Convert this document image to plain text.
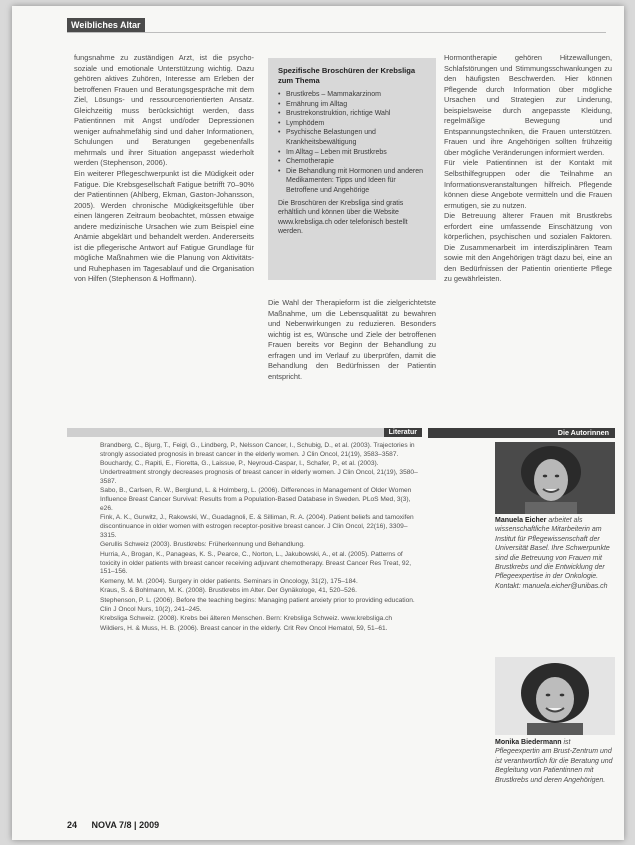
Weibliches Altar

fungsnahme zu zuständigen Arzt, ist die psycho-soziale und emotionale Unterstützung wichtig. Dazu gehören aktives Zuhören, Interesse am Erleben der betroffenen Frauen und Beratungsgespräche mit dem Ziel, Lösungs- und ressourcenorientierten Ansatz. Gleichzeitig muss berücksichtigt werden, dass Patientinnen mit Angst und/oder Depressionen weniger aufnahmefähig sind und daher Informationen, Schulungen und Beratungen gegebenenfalls mehrmals und ihrer Situation angepasst wiederholt werden (Stephenson, 2006).

Ein weiterer Pflegeschwerpunkt ist die Müdigkeit oder Fatigue. Die Krebsgesellschaft Fatigue betrifft 70–90% der Patientinnen (Ahlberg, Ekman, Gaston-Johansson, 2005). Werden chronische Müdigkeitsgefühle über einen längeren Zeitraum beobachtet, müssen etwaige andere medizinische Ursachen wie zum Beispiel eine Anämie abgeklärt und behandelt werden. Andererseits ist die pflegerische Antwort auf Fatigue Grundlage für mögliche Maßnahmen wie die Planung von Aktivitäts- und Ruhephasen im Tagesablauf und die Organisation von Hilfen (Stephenson & Hoffmann).

Spezifische Broschüren der Krebsliga zum Thema
• Brustkrebs – Mammakarzinom
• Ernährung im Alltag
• Brustrekonstruktion, richtige Wahl
• Lymphödem
• Psychische Belastungen und Krankheitsbewältigung
• Im Alltag – Leben mit Brustkrebs
• Chemotherapie
• Die Behandlung mit Hormonen und anderen Medikamenten: Tipps und Ideen für Betroffene und Angehörige
Die Broschüren der Krebsliga sind gratis erhältlich und können über die Website www.krebsliga.ch oder telefonisch bestellt werden.

Die Wahl der Therapieform ist die zielgerichtetste Maßnahme, um die Lebensqualität zu bewahren und Nebenwirkungen zu reduzieren. Besonders wichtig ist es, Wünsche und Ziele der betroffenen Frauen bereits vor Beginn der Behandlung zu erfragen und im Verlauf zu überprüfen, damit die Behandlung den Bedürfnissen der Patientin entspricht.

Hormontherapie gehören Hitzewallungen, Schlafstörungen und Stimmungsschwankungen zu den häufigsten Beschwerden. Hier können Pflegende durch Information über mögliche Ursachen und Strategien zur Linderung, beispielsweise durch angepasste Kleidung, regelmäßige Bewegung und Entspannungstechniken, die Frauen unterstützen. Frauen und ihre Angehörigen sollten frühzeitig über mögliche Veränderungen informiert werden.

Für viele Patientinnen ist der Kontakt mit Selbsthilfegruppen oder die Teilnahme an Informationsveranstaltungen hilfreich. Pflegende können diese Angebote vermitteln und die Frauen ermutigen, sie zu nutzen.

Die Betreuung älterer Frauen mit Brustkrebs erfordert eine umfassende Einschätzung von körperlichen, psychischen und sozialen Faktoren. Die Zusammenarbeit im interdisziplinären Team sowie mit den Angehörigen trägt dazu bei, eine an den Bedürfnissen der Patientin orientierte Pflege zu gewährleisten.

Literatur

Brandberg, C., Bjurg, T., Feigl, G., Lindberg, P., Nelsson Cancer, I., Schubig, D., et al. (2003). Trajectories in strongly associated prognosis in breast cancer in the elderly women. J Clin Oncol, 21(19), 3583–3587.

Bouchardy, C., Rapiti, E., Fioretta, G., Laissue, P., Neyroud-Caspar, I., Schafer, P., et al. (2003). Undertreatment strongly decreases prognosis of breast cancer in elderly women. J Clin Oncol, 21(19), 3580–3587.

Sabo, B., Carlsen, R. W., Berglund, L. & Holmberg, L. (2006). Differences in Management of Older Women Influence Breast Cancer Survival: Results from a Population-Based Database in Sweden. PLoS Med, 3(3), e26.

Fink, A. K., Gurwitz, J., Rakowski, W., Guadagnoli, E. & Silliman, R. A. (2004). Patient beliefs and tamoxifen discontinuance in older women with estrogen receptor-positive breast cancer. J Clin Oncol, 22(16), 3309–3315.

Gerullis Schweiz (2003). Brustkrebs: Früherkennung und Behandlung.

Hurria, A., Brogan, K., Panageas, K. S., Pearce, C., Norton, L., Jakubowski, A., et al. (2005). Patterns of toxicity in older patients with breast cancer receiving adjuvant chemotherapy. Breast Cancer Res Treat, 92, 151–156.

Kemeny, M. M. (2004). Surgery in older patients. Seminars in Oncology, 31(2), 175–184.

Kraus, S. & Bohlmann, M. K. (2008). Brustkrebs im Alter. Der Gynäkologe, 41, 520–526.

Stephenson, P. L. (2006). Before the teaching begins: Managing patient anxiety prior to providing education. Clin J Oncol Nurs, 10(2), 241–245.

Krebsliga Schweiz. (2008). Krebs bei älteren Menschen. Bern: Krebsliga Schweiz. www.krebsliga.ch

Wildiers, H. & Muss, H. B. (2006). Breast cancer in the elderly. Crit Rev Oncol Hematol, 59, 51–61.

Die Autorinnen
Manuela Eicher arbeitet als wissenschaftliche Mitarbeiterin am Institut für Pflegewissenschaft der Universität Basel. Ihre Schwerpunkte sind die Betreuung von Frauen mit Brustkrebs und die Entwicklung der Pflegeexpertise in der Onkologie. Kontakt: manuela.eicher@unibas.ch
Monika Biedermann ist Pflegeexpertin am Brust-Zentrum und ist verantwortlich für die Beratung und Begleitung von Patientinnen mit Brustkrebs und deren Angehörigen.
24 NOVA 7/8 | 2009
